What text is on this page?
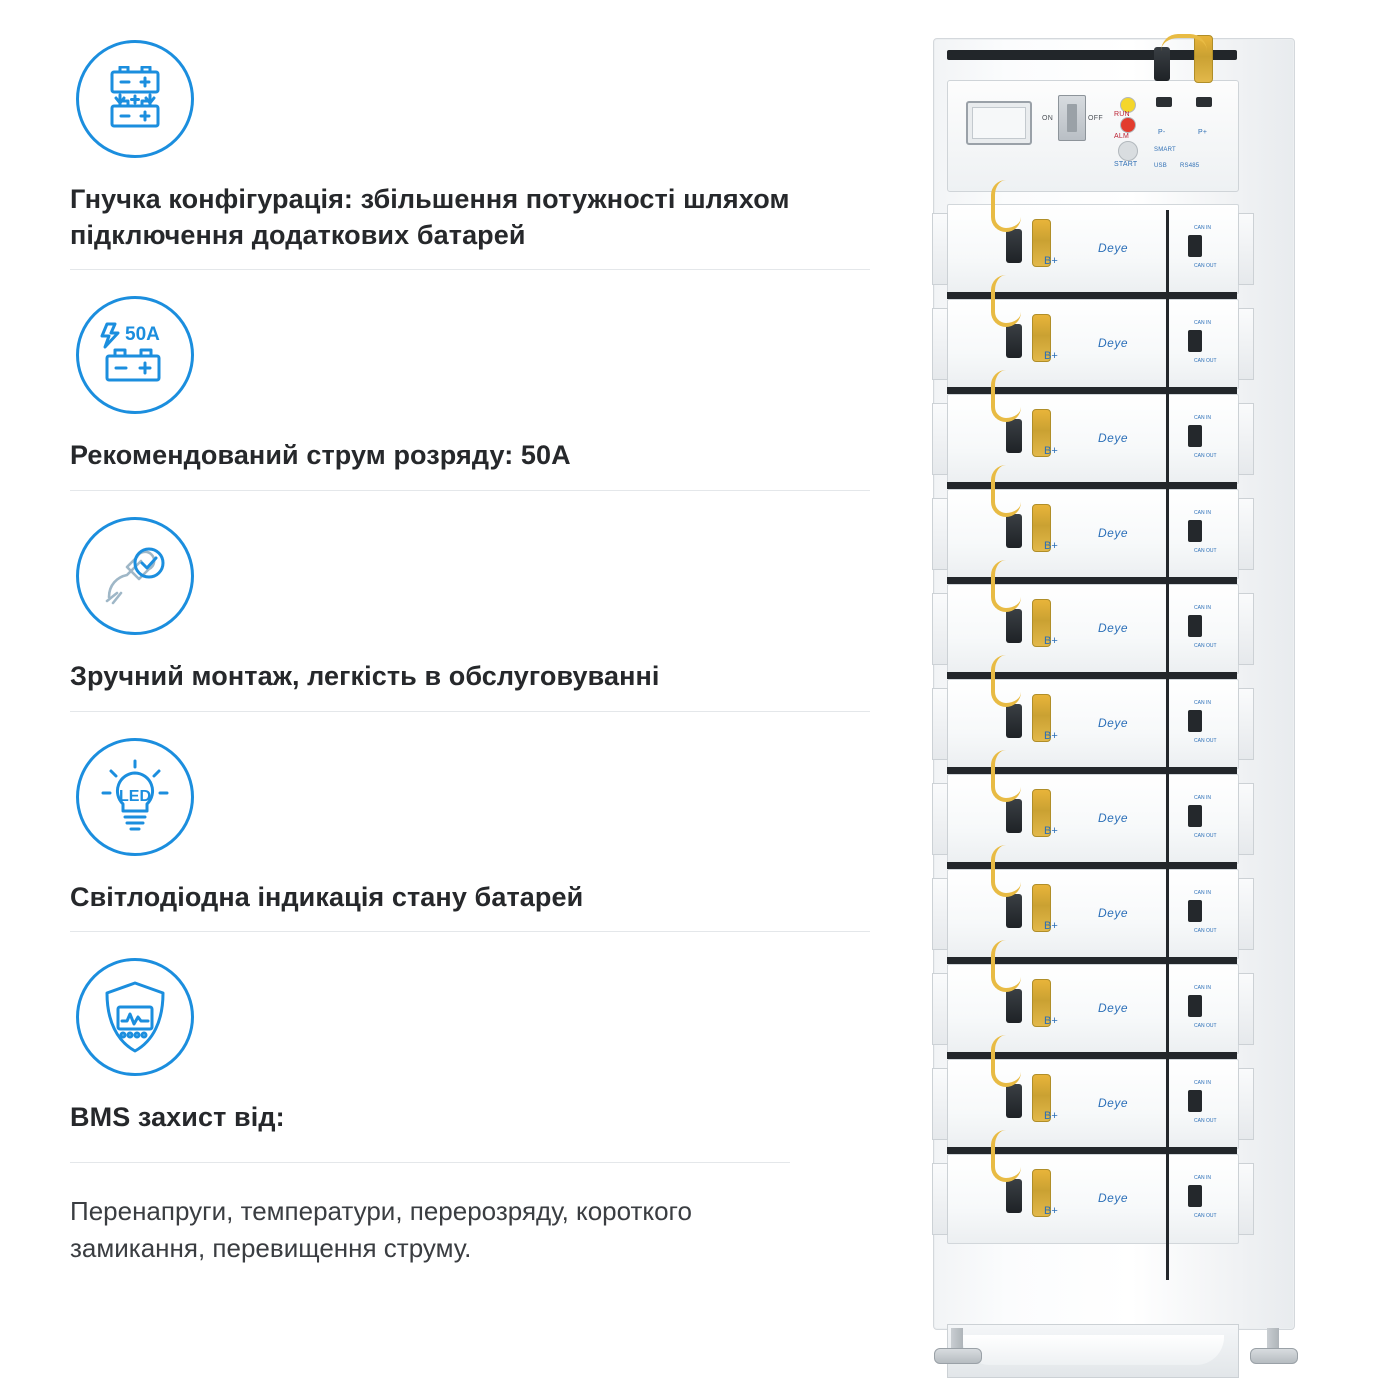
Гнучка конфігурація: збільшення потужності шляхом підключення додаткових батарей
50A
Рекомендований струм розряду: 50A
Зручний монтаж, легкість в обслуговуванні
LED
Світлодіодна індикація стану батарей
BMS захист від:
Перенапруги, температури, перерозряду, короткого замикання, перевищення струму.
ON	OFF
RUN
ALM
START
P-	P+
SMART
USB RS485
B+
Deye
CAN IN
CAN OUT
B+
Deye
CAN IN
CAN OUT
B+
Deye
CAN IN
CAN OUT
B+
Deye
CAN IN
CAN OUT
B+
Deye
CAN IN
CAN OUT
B+
Deye
CAN IN
CAN OUT
B+
Deye
CAN IN
CAN OUT
B+
Deye
CAN IN
CAN OUT
B+
Deye
CAN IN
CAN OUT
B+
Deye
CAN IN
CAN OUT
B+
Deye
CAN IN
CAN OUT
